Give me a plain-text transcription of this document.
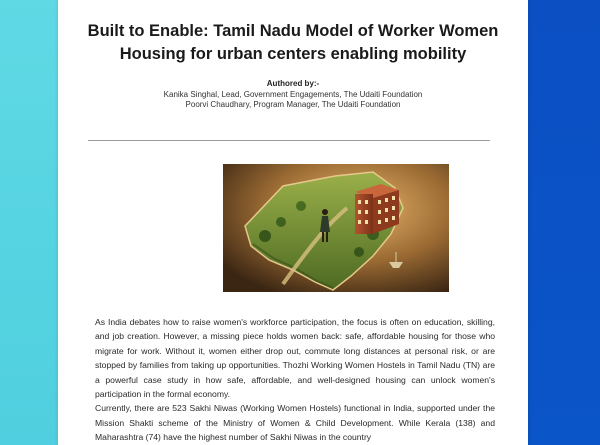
Built to Enable: Tamil Nadu Model of Worker Women
Housing for urban centers enabling mobility
Authored by:-
Kanika Singhal, Lead, Government Engagements, The Udaiti Foundation
Poorvi Chaudhary, Program Manager, The Udaiti Foundation

As India debates how to raise women's workforce participation, the focus is often on education, skilling, and job creation. However, a missing piece holds women back: safe, affordable housing for those who migrate for work. Without it, women either drop out, commute long distances at personal risk, or are stopped by families from taking up opportunities. Thozhi Working Women Hostels in Tamil Nadu (TN) are a powerful case study in how safe, affordable, and well-designed housing can unlock women's participation in the formal economy.

Currently, there are 523 Sakhi Niwas (Working Women Hostels) functional in India, supported under the Mission Shakti scheme of the Ministry of Women & Child Development. While Kerala (138) and Maharashtra (74) have the highest number of Sakhi Niwas in the country
